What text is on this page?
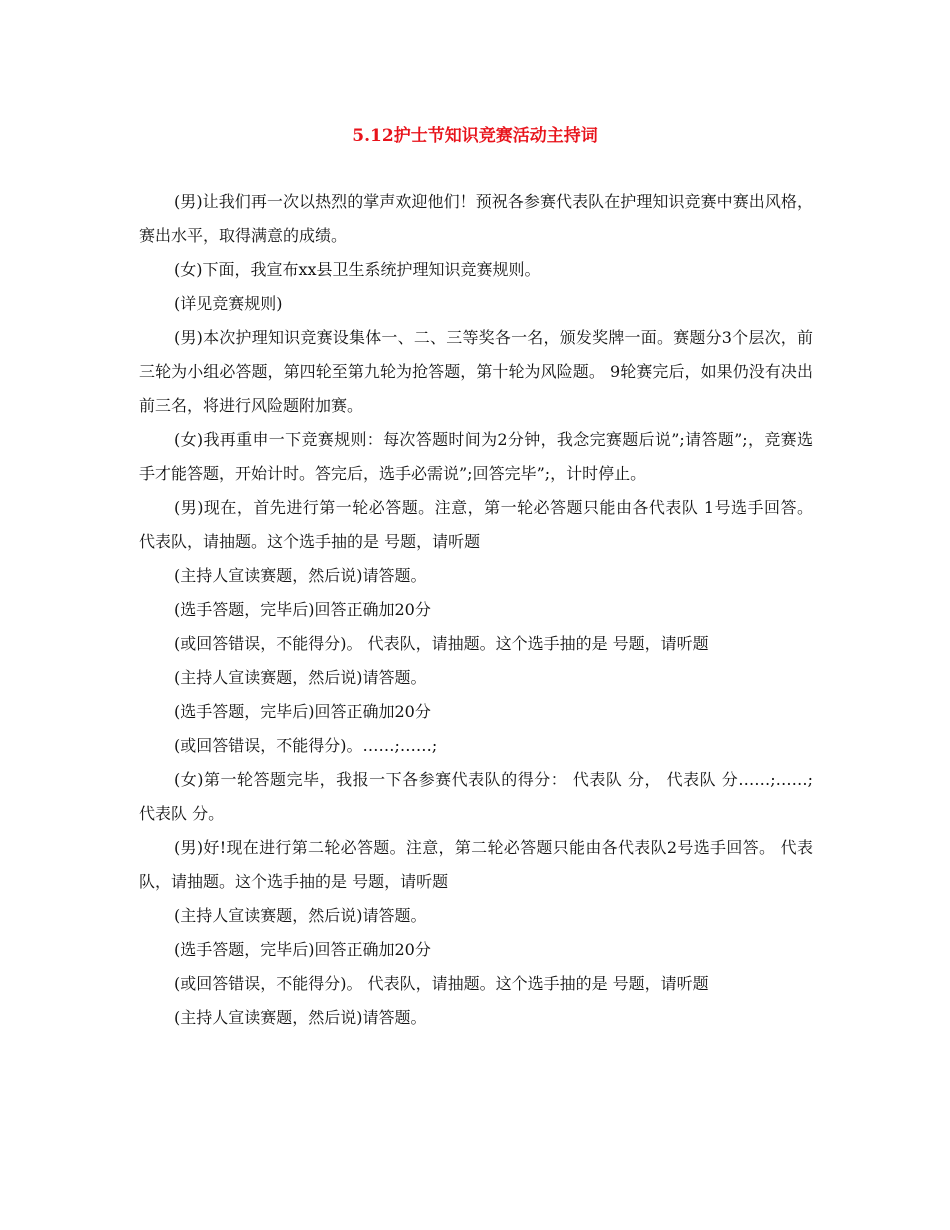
5.12护士节知识竞赛活动主持词

(男)让我们再一次以热烈的掌声欢迎他们！预祝各参赛代表队在护理知识竞赛中赛出风格，赛出水平，取得满意的成绩。

(女)下面，我宣布xx县卫生系统护理知识竞赛规则。

(详见竞赛规则)

(男)本次护理知识竞赛设集体一、二、三等奖各一名，颁发奖牌一面。赛题分3个层次，前三轮为小组必答题，第四轮至第九轮为抢答题，第十轮为风险题。 9轮赛完后，如果仍没有决出前三名，将进行风险题附加赛。

(女)我再重申一下竞赛规则：每次答题时间为2分钟，我念完赛题后说”;请答题”;，竞赛选手才能答题，开始计时。答完后，选手必需说”;回答完毕”;，计时停止。

(男)现在，首先进行第一轮必答题。注意，第一轮必答题只能由各代表队 1号选手回答。 代表队，请抽题。这个选手抽的是 号题，请听题

(主持人宣读赛题，然后说)请答题。

(选手答题，完毕后)回答正确加20分

(或回答错误，不能得分)。 代表队，请抽题。这个选手抽的是 号题，请听题

(主持人宣读赛题，然后说)请答题。

(选手答题，完毕后)回答正确加20分

(或回答错误，不能得分)。……;……;

(女)第一轮答题完毕，我报一下各参赛代表队的得分： 代表队 分， 代表队 分……;……; 代表队 分。

(男)好!现在进行第二轮必答题。注意，第二轮必答题只能由各代表队2号选手回答。 代表队，请抽题。这个选手抽的是 号题，请听题

(主持人宣读赛题，然后说)请答题。

(选手答题，完毕后)回答正确加20分

(或回答错误，不能得分)。 代表队，请抽题。这个选手抽的是 号题，请听题

(主持人宣读赛题，然后说)请答题。
